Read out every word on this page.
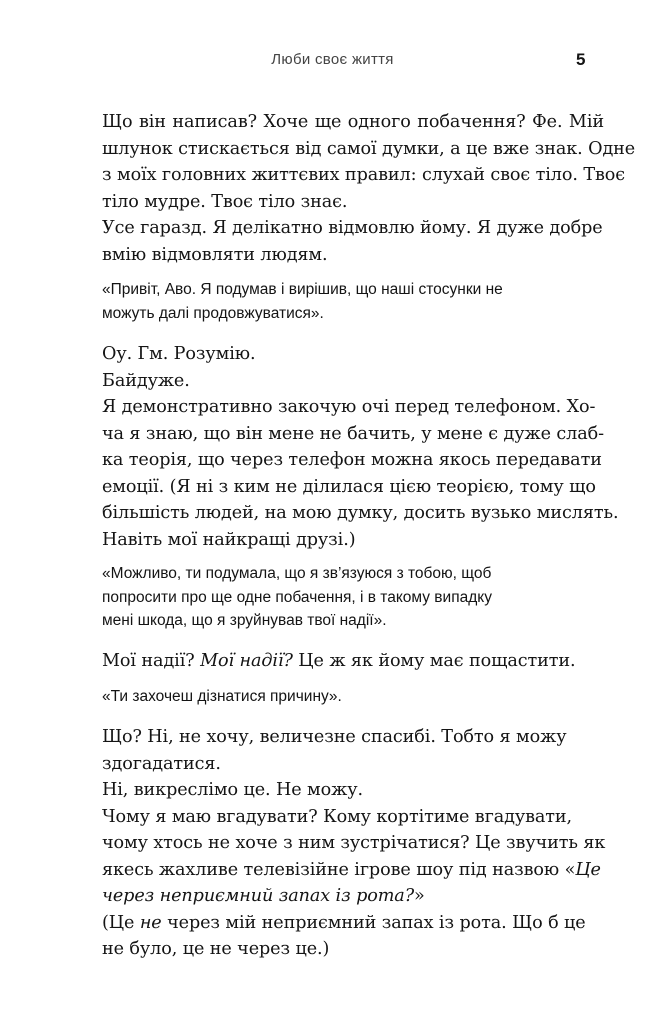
Люби своє життя	5
Що він написав? Хоче ще одного побачення? Фе. Мій
шлунок стискається від самої думки, а це вже знак. Одне
з моїх головних життєвих правил: слухай своє тіло. Твоє
тіло мудре. Твоє тіло знає.
Усе гаразд. Я делікатно відмовлю йому. Я дуже добре
вмію відмовляти людям.
«Привіт, Аво. Я подумав і вирішив, що наші стосунки не
можуть далі продовжуватися».
Оу. Гм. Розумію.
Байдуже.
Я демонстративно закочую очі перед телефоном. Хо-
ча я знаю, що він мене не бачить, у мене є дуже слаб-
ка теорія, що через телефон можна якось передавати
емоції. (Я ні з ким не ділилася цією теорією, тому що
більшість людей, на мою думку, досить вузько мислять.
Навіть мої найкращі друзі.)
«Можливо, ти подумала, що я зв’язуюся з тобою, щоб
попросити про ще одне побачення, і в такому випадку
мені шкода, що я зруйнував твої надії».
Мої надії? Мої надії? Це ж як йому має пощастити.
«Ти захочеш дізнатися причину».
Що? Ні, не хочу, величезне спасибі. Тобто я можу
здогадатися.
Ні, викреслімо це. Не можу.
Чому я маю вгадувати? Кому кортітиме вгадувати,
чому хтось не хоче з ним зустрічатися? Це звучить як
якесь жахливе телевізійне ігрове шоу під назвою «Це
через неприємний запах із рота?»
(Це не через мій неприємний запах із рота. Що б це
не було, це не через це.)
